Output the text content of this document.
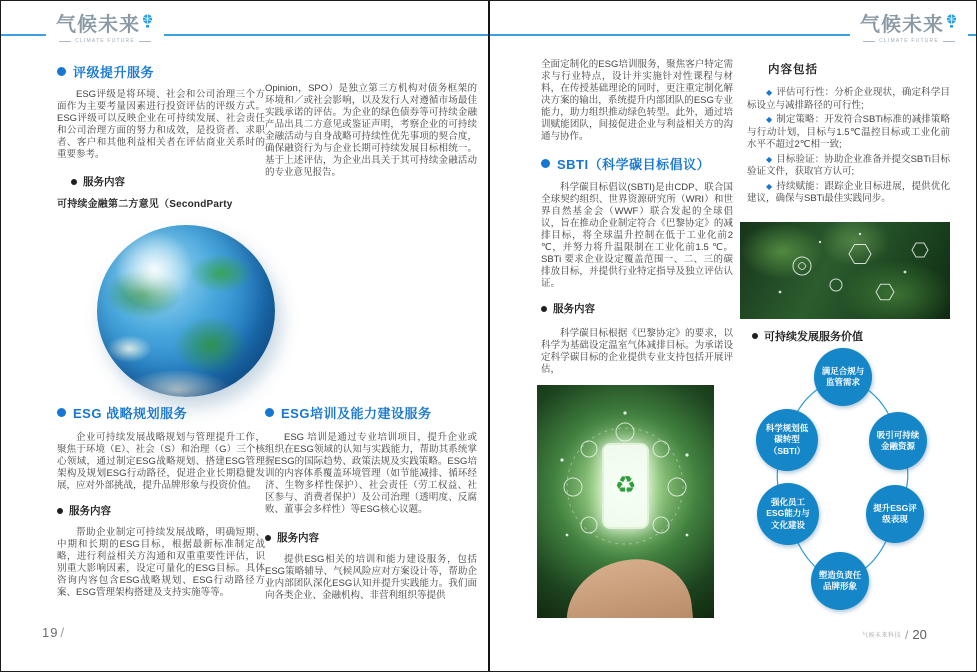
气候未来
CLIMATE FUTURE
评级提升服务

ESG评级是将环境、社会和公司治理三个方面作为主要考量因素进行投资评估的评级方式。ESG评级可以反映企业在可持续发展、社会责任和公司治理方面的努力和成效，是投资者、求职者、客户和其他利益相关者在评估商业关系时的重要参考。

服务内容
可持续金融第二方意见（SecondParty
ESG 战略规划服务

企业可持续发展战略规划与管理提升工作，聚焦于环境（E）、社会（S）和治理（G）三个核心领域，通过制定ESG战略规划、搭建ESG管理架构及规划ESG行动路径，促进企业长期稳健发展，应对外部挑战，提升品牌形象与投资价值。

服务内容

帮助企业制定可持续发展战略，明确短期、中期和长期的ESG目标，根据最新标准制定战略，进行利益相关方沟通和双重重要性评估，识别重大影响因素，设定可量化的ESG目标。具体咨询内容包含ESG战略规划、ESG行动路径方案、ESG管理架构搭建及支持实施等等。

Opinion，SPO）是独立第三方机构对债务框架的环境和／或社会影响，以及发行人对遵循市场最佳实践承诺的评估。为企业的绿色债券等可持续金融产品出具二方意见或鉴证声明，考察企业的可持续金融活动与自身战略可持续性优先事项的契合度，确保融资行为与企业长期可持续发展目标相统一。基于上述评估，为企业出具关于其可持续金融活动的专业意见报告。

ESG培训及能力建设服务

ESG 培训是通过专业培训项目，提升企业或组织在ESG领域的认知与实践能力，帮助其系统掌握ESG的国际趋势、政策法规及实践策略。ESG培训的内容体系覆盖环境管理（如节能减排、循环经济、生物多样性保护）、社会责任（劳工权益、社区参与、消费者保护）及公司治理（透明度、反腐败、董事会多样性）等ESG核心议题。

服务内容

提供ESG相关的培训和能力建设服务，包括ESG策略辅导、气候风险应对方案设计等，帮助企业内部团队深化ESG认知并提升实践能力。我们面向各类企业、金融机构、非营利组织等提供

19 /
气候未来
CLIMATE FUTURE

全面定制化的ESG培训服务，聚焦客户特定需求与行业特点，设计并实施针对性课程与材料，在传授基础理论的同时，更注重定制化解决方案的输出，系统提升内部团队的ESG专业能力，助力组织推动绿色转型。此外，通过培训赋能团队，间接促进企业与利益相关方的沟通与协作。

SBTI（科学碳目标倡议）

科学碳目标倡议(SBTI)是由CDP、联合国全球契约组织、世界资源研究所（WRI）和世界自然基金会（WWF）联合发起的全球倡议，旨在推动企业制定符合《巴黎协定》的减排目标，将全球温升控制在低于工业化前2 ℃，并努力将升温限制在工业化前1.5 ℃。SBTi 要求企业设定覆盖范围一、二、三的碳排放目标，并提供行业特定指导及独立评估认证。

服务内容

科学碳目标根据《巴黎协定》的要求，以科学为基础设定温室气体减排目标。为承诺设定科学碳目标的企业提供专业支持包括开展评估，

♻
内容包括
◆ 评估可行性：分析企业现状，确定科学目标设立与减排路径的可行性;
◆ 制定策略：开发符合SBTi标准的减排策略与行动计划，目标与1.5℃温控目标或工业化前水平不超过2℃相一致;
◆ 目标验证：协助企业准备并提交SBTi目标验证文件，获取官方认可;
◆ 持续赋能：跟踪企业目标进展，提供优化建议，确保与SBTi最佳实践同步。
可持续发展服务价值
满足合规与监管需求
科学规划低碳转型（SBTI）
吸引可持续金融资源
强化员工ESG能力与文化建设
提升ESG评级表现
塑造负责任品牌形象
气候未来科技 / 20
